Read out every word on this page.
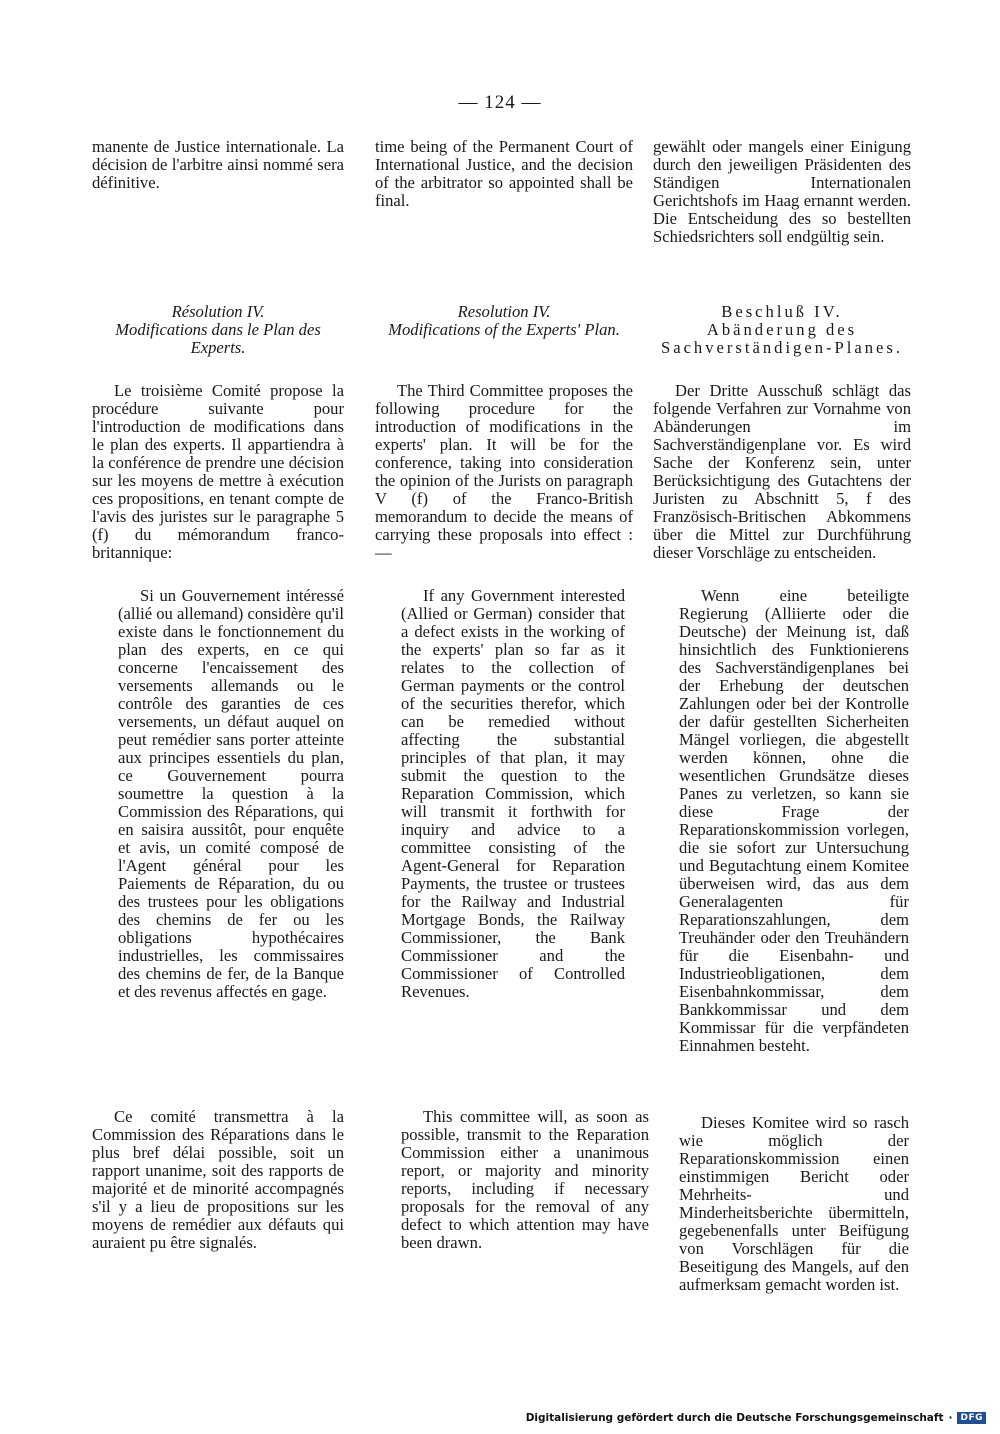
— 124 —

manente de Justice internationale. La décision de l'arbitre ainsi nommé sera définitive.

Résolution IV.

Modifications dans le Plan des Experts.

Le troisième Comité propose la procédure suivante pour l'introduction de modifications dans le plan des experts. Il appartiendra à la conférence de prendre une décision sur les moyens de mettre à exécution ces propositions, en tenant compte de l'avis des juristes sur le paragraphe 5 (f) du mémorandum franco-britannique:

Si un Gouvernement intéressé (allié ou allemand) considère qu'il existe dans le fonctionnement du plan des experts, en ce qui concerne l'encaissement des versements allemands ou le contrôle des garanties de ces versements, un défaut auquel on peut remédier sans porter atteinte aux principes essentiels du plan, ce Gouvernement pourra soumettre la question à la Commission des Réparations, qui en saisira aussitôt, pour enquête et avis, un comité composé de l'Agent général pour les Paiements de Réparation, du ou des trustees pour les obligations des chemins de fer ou les obligations hypothécaires industrielles, les commissaires des chemins de fer, de la Banque et des revenus affectés en gage.

Ce comité transmettra à la Commission des Réparations dans le plus bref délai possible, soit un rapport unanime, soit des rapports de majorité et de minorité accompagnés s'il y a lieu de propositions sur les moyens de remédier aux défauts qui auraient pu être signalés.

time being of the Permanent Court of International Justice, and the decision of the arbitrator so appointed shall be final.

Resolution IV.

Modifications of the Experts' Plan.

The Third Committee proposes the following procedure for the introduction of modifications in the experts' plan. It will be for the conference, taking into consideration the opinion of the Jurists on paragraph V (f) of the Franco-British memorandum to decide the means of carrying these proposals into effect :—

If any Government interested (Allied or German) consider that a defect exists in the working of the experts' plan so far as it relates to the collection of German payments or the control of the securities therefor, which can be remedied without affecting the substantial principles of that plan, it may submit the question to the Reparation Commission, which will transmit it forthwith for inquiry and advice to a committee consisting of the Agent-General for Reparation Payments, the trustee or trustees for the Railway and Industrial Mortgage Bonds, the Railway Commissioner, the Bank Commissioner and the Commissioner of Controlled Revenues.

This committee will, as soon as possible, transmit to the Reparation Commission either a unanimous report, or majority and minority reports, including if necessary proposals for the removal of any defect to which attention may have been drawn.

gewählt oder mangels einer Einigung durch den jeweiligen Präsidenten des Ständigen Internationalen Gerichtshofs im Haag ernannt werden. Die Entscheidung des so bestellten Schiedsrichters soll endgültig sein.

Beschluß IV.

Abänderung des Sachverständigen-Planes.

Der Dritte Ausschuß schlägt das folgende Verfahren zur Vornahme von Abänderungen im Sachverständigenplane vor. Es wird Sache der Konferenz sein, unter Berücksichtigung des Gutachtens der Juristen zu Abschnitt 5, f des Französisch-Britischen Abkommens über die Mittel zur Durchführung dieser Vorschläge zu entscheiden.

Wenn eine beteiligte Regierung (Alliierte oder die Deutsche) der Meinung ist, daß hinsichtlich des Funktionierens des Sachverständigenplanes bei der Erhebung der deutschen Zahlungen oder bei der Kontrolle der dafür gestellten Sicherheiten Mängel vorliegen, die abgestellt werden können, ohne die wesentlichen Grundsätze dieses Panes zu verletzen, so kann sie diese Frage der Reparationskommission vorlegen, die sie sofort zur Untersuchung und Begutachtung einem Komitee überweisen wird, das aus dem Generalagenten für Reparationszahlungen, dem Treuhänder oder den Treuhändern für die Eisenbahn- und Industrieobligationen, dem Eisenbahnkommissar, dem Bankkommissar und dem Kommissar für die verpfändeten Einnahmen besteht.

Dieses Komitee wird so rasch wie möglich der Reparationskommission einen einstimmigen Bericht oder Mehrheits- und Minderheitsberichte übermitteln, gegebenenfalls unter Beifügung von Vorschlägen für die Beseitigung des Mangels, auf den aufmerksam gemacht worden ist.

Digitalisierung gefördert durch die Deutsche Forschungsgemeinschaft · DFG
